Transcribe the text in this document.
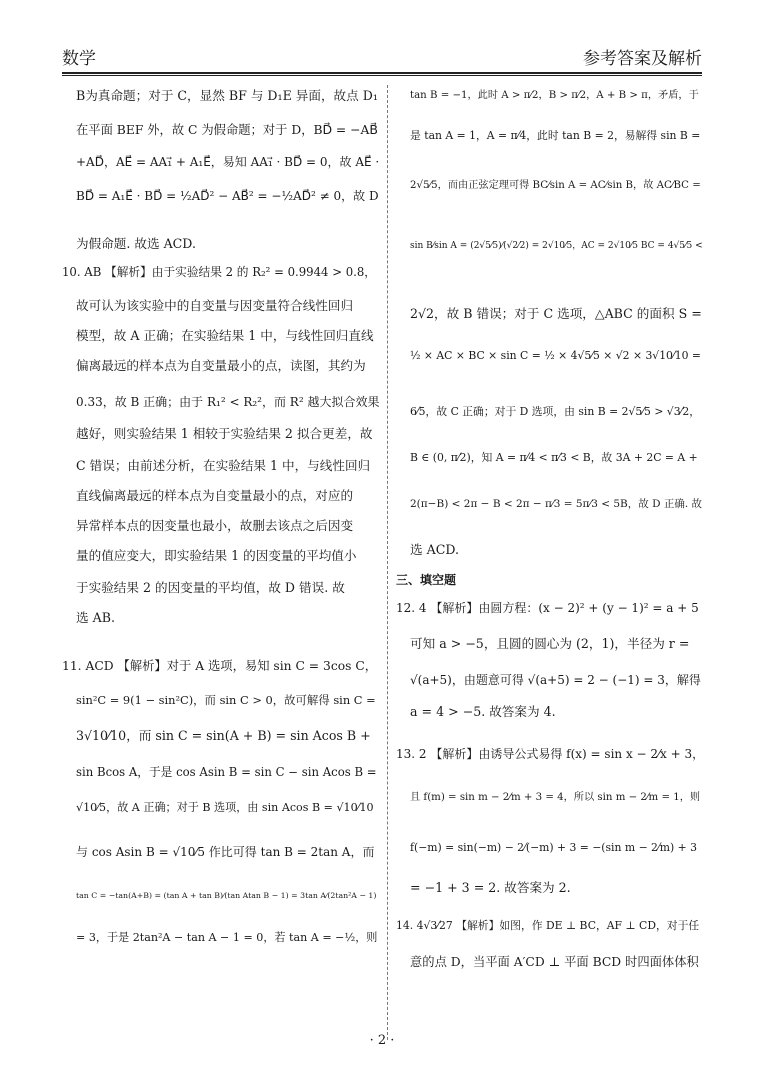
数学	参考答案及解析
B为真命题；对于 C，显然 BF 与 D₁E 异面，故点 D₁
在平面 BEF 外，故 C 为假命题；对于 D，BD⃗ = −AB⃗
+AD⃗，AE⃗ = AA₁⃗ + A₁E⃗，易知 AA₁⃗ · BD⃗ = 0，故 AE⃗ ·
BD⃗ = A₁E⃗ · BD⃗ = ½AD⃗² − AB⃗² = −½AD⃗² ≠ 0，故 D
为假命题. 故选 ACD.
10. AB 【解析】由于实验结果 2 的 R₂² = 0.9944 > 0.8，
故可认为该实验中的自变量与因变量符合线性回归
模型，故 A 正确；在实验结果 1 中，与线性回归直线
偏离最远的样本点为自变量最小的点，读图，其约为
0.33，故 B 正确；由于 R₁² < R₂²，而 R² 越大拟合效果
越好，则实验结果 1 相较于实验结果 2 拟合更差，故
C 错误；由前述分析，在实验结果 1 中，与线性回归
直线偏离最远的样本点为自变量最小的点，对应的
异常样本点的因变量也最小，故删去该点之后因变
量的值应变大，即实验结果 1 的因变量的平均值小
于实验结果 2 的因变量的平均值，故 D 错误. 故
选 AB.
11. ACD 【解析】对于 A 选项，易知 sin C = 3cos C，
sin²C = 9(1 − sin²C)，而 sin C > 0，故可解得 sin C =
3√10⁄10，而 sin C = sin(A + B) = sin Acos B +
sin Bcos A，于是 cos Asin B = sin C − sin Acos B =
√10⁄5，故 A 正确；对于 B 选项，由 sin Acos B = √10⁄10
与 cos Asin B = √10⁄5 作比可得 tan B = 2tan A，而
tan C = −tan(A+B) = (tan A + tan B)⁄(tan Atan B − 1) = 3tan A⁄(2tan²A − 1)
= 3，于是 2tan²A − tan A − 1 = 0，若 tan A = −½，则
tan B = −1，此时 A > π⁄2，B > π⁄2，A + B > π，矛盾，于
是 tan A = 1，A = π⁄4，此时 tan B = 2，易解得 sin B =
2√5⁄5，而由正弦定理可得 BC⁄sin A = AC⁄sin B，故 AC⁄BC =
sin B⁄sin A = (2√5⁄5)⁄(√2⁄2) = 2√10⁄5，AC = 2√10⁄5 BC = 4√5⁄5 <
2√2，故 B 错误；对于 C 选项，△ABC 的面积 S =
½ × AC × BC × sin C = ½ × 4√5⁄5 × √2 × 3√10⁄10 =
6⁄5，故 C 正确；对于 D 选项，由 sin B = 2√5⁄5 > √3⁄2，
B ∈ (0, π⁄2)，知 A = π⁄4 < π⁄3 < B，故 3A + 2C = A +
2(π−B) < 2π − B < 2π − π⁄3 = 5π⁄3 < 5B，故 D 正确. 故
选 ACD.
三、填空题
12. 4 【解析】由圆方程：(x − 2)² + (y − 1)² = a + 5
可知 a > −5，且圆的圆心为 (2，1)，半径为 r =
√(a+5)，由题意可得 √(a+5) = 2 − (−1) = 3，解得
a = 4 > −5. 故答案为 4.
13. 2 【解析】由诱导公式易得 f(x) = sin x − 2⁄x + 3，
且 f(m) = sin m − 2⁄m + 3 = 4，所以 sin m − 2⁄m = 1，则
f(−m) = sin(−m) − 2⁄(−m) + 3 = −(sin m − 2⁄m) + 3
= −1 + 3 = 2. 故答案为 2.
14. 4√3⁄27 【解析】如图，作 DE ⊥ BC，AF ⊥ CD，对于任
意的点 D，当平面 A′CD ⊥ 平面 BCD 时四面体体积
· 2 ·
